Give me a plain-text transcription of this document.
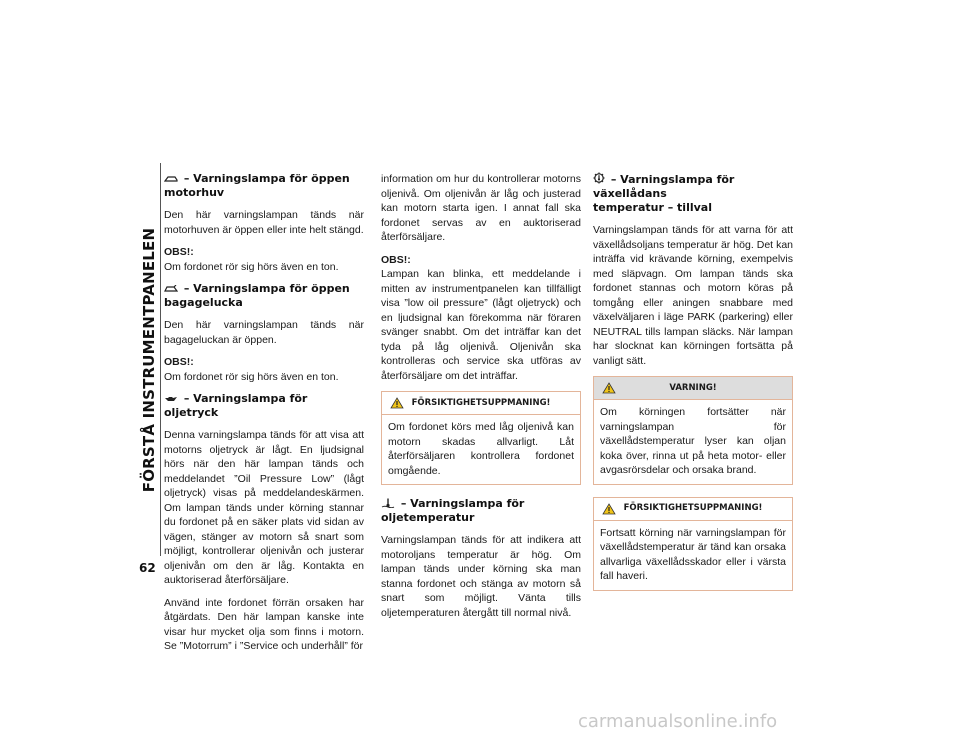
FÖRSTÅ INSTRUMENTPANELEN
62
– Varningslampa för öppen motorhuv

Den här varningslampan tänds när motorhuven är öppen eller inte helt stängd.

OBS!:
Om fordonet rör sig hörs även en ton.

– Varningslampa för öppen bagagelucka

Den här varningslampan tänds när bagageluckan är öppen.

OBS!:
Om fordonet rör sig hörs även en ton.

– Varningslampa för oljetryck

Denna varningslampa tänds för att visa att motorns oljetryck är lågt. En ljudsignal hörs när den här lampan tänds och meddelandet ”Oil Pressure Low” (lågt oljetryck) visas på meddelandeskärmen. Om lampan tänds under körning stannar du fordonet på en säker plats vid sidan av vägen, stänger av motorn så snart som möjligt, kontrollerar oljenivån och justerar oljenivån om den är låg. Kontakta en auktoriserad återförsäljare.

Använd inte fordonet förrän orsaken har åtgärdats. Den här lampan kanske inte visar hur mycket olja som finns i motorn. Se ”Motorrum” i ”Service och underhåll” för

information om hur du kontrollerar motorns oljenivå. Om oljenivån är låg och justerad kan motorn starta igen. I annat fall ska fordonet servas av en auktoriserad återförsäljare.

OBS!:
Lampan kan blinka, ett meddelande i mitten av instrumentpanelen kan tillfälligt visa ”low oil pressure” (lågt oljetryck) och en ljudsignal kan förekomma när föraren svänger snabbt. Om det inträffar kan det tyda på låg oljenivå. Oljenivån ska kontrolleras och service ska utföras av återförsäljare om det inträffar.

FÖRSIKTIGHETSUPPMANING!
Om fordonet körs med låg oljenivå kan motorn skadas allvarligt. Låt återförsäljaren kontrollera fordonet omgående.
– Varningslampa för oljetemperatur

Varningslampan tänds för att indikera att motoroljans temperatur är hög. Om lampan tänds under körning ska man stanna fordonet och stänga av motorn så snart som möjligt. Vänta tills oljetemperaturen återgått till normal nivå.

– Varningslampa för växellådans
temperatur – tillval

Varningslampan tänds för att varna för att växellådsoljans temperatur är hög. Det kan inträffa vid krävande körning, exempelvis med släpvagn. Om lampan tänds ska fordonet stannas och motorn köras på tomgång eller aningen snabbare med växelväljaren i läge PARK (parkering) eller NEUTRAL tills lampan släcks. När lampan har slocknat kan körningen fortsätta på vanligt sätt.

VARNING!
Om körningen fortsätter när varningslampan för växellådstemperatur lyser kan oljan koka över, rinna ut på heta motor- eller avgasrörsdelar och orsaka brand.
FÖRSIKTIGHETSUPPMANING!
Fortsatt körning när varningslampan för växellådstemperatur är tänd kan orsaka allvarliga växellådsskador eller i värsta fall haveri.
carmanualsonline.info
